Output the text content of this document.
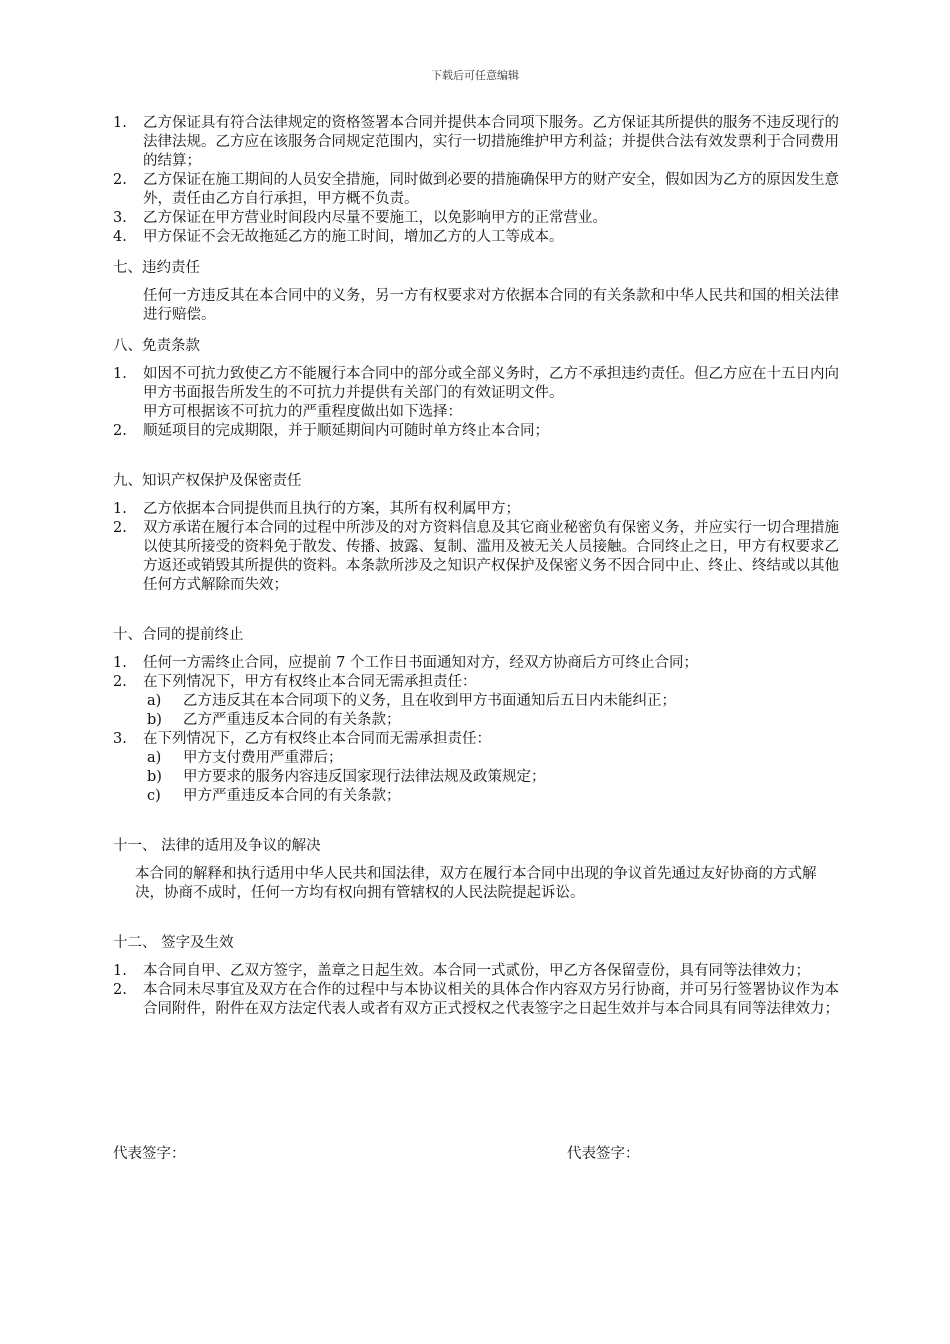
下载后可任意编辑
1. 乙方保证具有符合法律规定的资格签署本合同并提供本合同项下服务。乙方保证其所提供的服务不违反现行的法律法规。乙方应在该服务合同规定范围内，实行一切措施维护甲方利益；并提供合法有效发票利于合同费用的结算；
2. 乙方保证在施工期间的人员安全措施，同时做到必要的措施确保甲方的财产安全，假如因为乙方的原因发生意外，责任由乙方自行承担，甲方概不负责。
3. 乙方保证在甲方营业时间段内尽量不要施工，以免影响甲方的正常营业。
4. 甲方保证不会无故拖延乙方的施工时间，增加乙方的人工等成本。
七、违约责任
任何一方违反其在本合同中的义务，另一方有权要求对方依据本合同的有关条款和中华人民共和国的相关法律进行赔偿。
八、免责条款
1. 如因不可抗力致使乙方不能履行本合同中的部分或全部义务时，乙方不承担违约责任。但乙方应在十五日内向甲方书面报告所发生的不可抗力并提供有关部门的有效证明文件。
甲方可根据该不可抗力的严重程度做出如下选择：
2. 顺延项目的完成期限，并于顺延期间内可随时单方终止本合同；
九、知识产权保护及保密责任
1. 乙方依据本合同提供而且执行的方案，其所有权利属甲方；
2. 双方承诺在履行本合同的过程中所涉及的对方资料信息及其它商业秘密负有保密义务，并应实行一切合理措施以使其所接受的资料免于散发、传播、披露、复制、滥用及被无关人员接触。合同终止之日，甲方有权要求乙方返还或销毁其所提供的资料。本条款所涉及之知识产权保护及保密义务不因合同中止、终止、终结或以其他任何方式解除而失效；
十、合同的提前终止
1. 任何一方需终止合同，应提前 7 个工作日书面通知对方，经双方协商后方可终止合同；
2. 在下列情况下，甲方有权终止本合同无需承担责任：
a) 乙方违反其在本合同项下的义务，且在收到甲方书面通知后五日内未能纠正；
b) 乙方严重违反本合同的有关条款；
3. 在下列情况下，乙方有权终止本合同而无需承担责任：
a) 甲方支付费用严重滞后；
b) 甲方要求的服务内容违反国家现行法律法规及政策规定；
c) 甲方严重违反本合同的有关条款；
十一、 法律的适用及争议的解决
本合同的解释和执行适用中华人民共和国法律，双方在履行本合同中出现的争议首先通过友好协商的方式解决，协商不成时，任何一方均有权向拥有管辖权的人民法院提起诉讼。
十二、 签字及生效
1. 本合同自甲、乙双方签字，盖章之日起生效。本合同一式贰份，甲乙方各保留壹份，具有同等法律效力；
2. 本合同未尽事宜及双方在合作的过程中与本协议相关的具体合作内容双方另行协商，并可另行签署协议作为本合同附件，附件在双方法定代表人或者有双方正式授权之代表签字之日起生效并与本合同具有同等法律效力；
代表签字：	代表签字：
